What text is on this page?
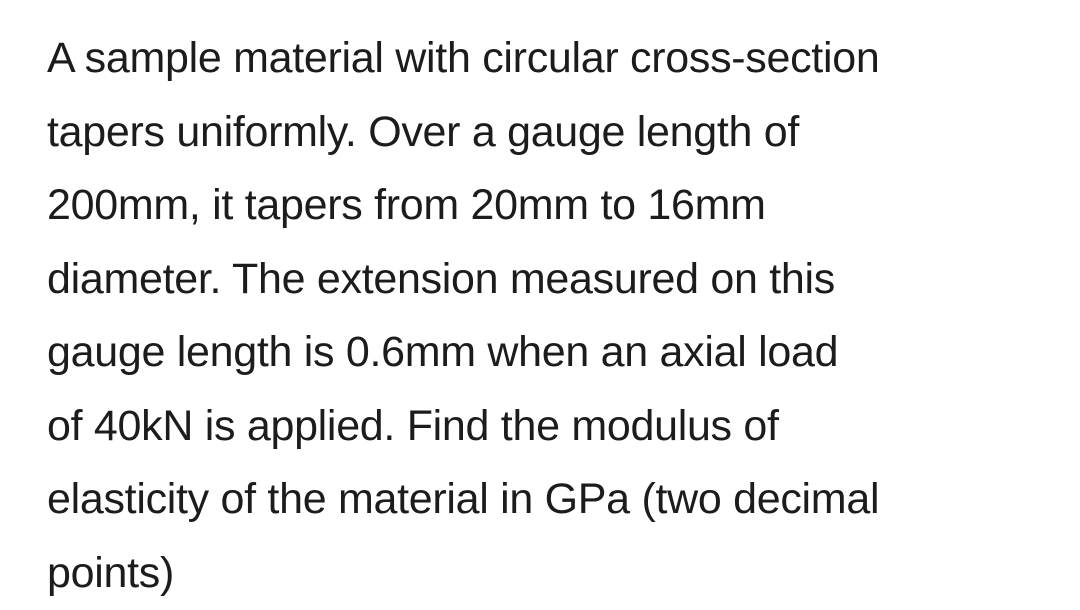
A sample material with circular cross-section
tapers uniformly. Over a gauge length of
200mm, it tapers from 20mm to 16mm
diameter. The extension measured on this
gauge length is 0.6mm when an axial load
of 40kN is applied. Find the modulus of
elasticity of the material in GPa (two decimal
points)
